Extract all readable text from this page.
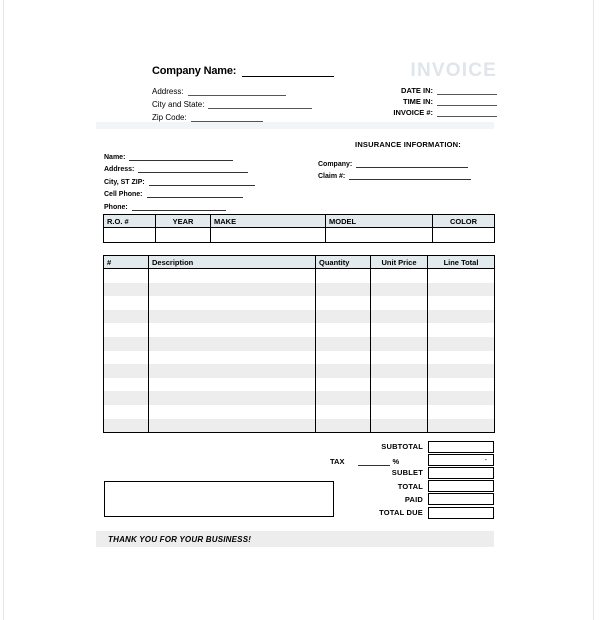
INVOICE
Company Name:
Address:
City and State:
Zip Code:
DATE IN:
TIME IN:
INVOICE #:
Name:
Address:
City, ST ZIP:
Cell Phone:
Phone:
INSURANCE INFORMATION:
Company:
Claim #:
R.O. #	YEAR	MAKE	MODEL	COLOR

#	Description	Quantity	Unit Price	Line Total

SUBTOTAL
TAX	%	-
SUBLET
TOTAL
PAID
TOTAL DUE
THANK YOU FOR YOUR BUSINESS!
